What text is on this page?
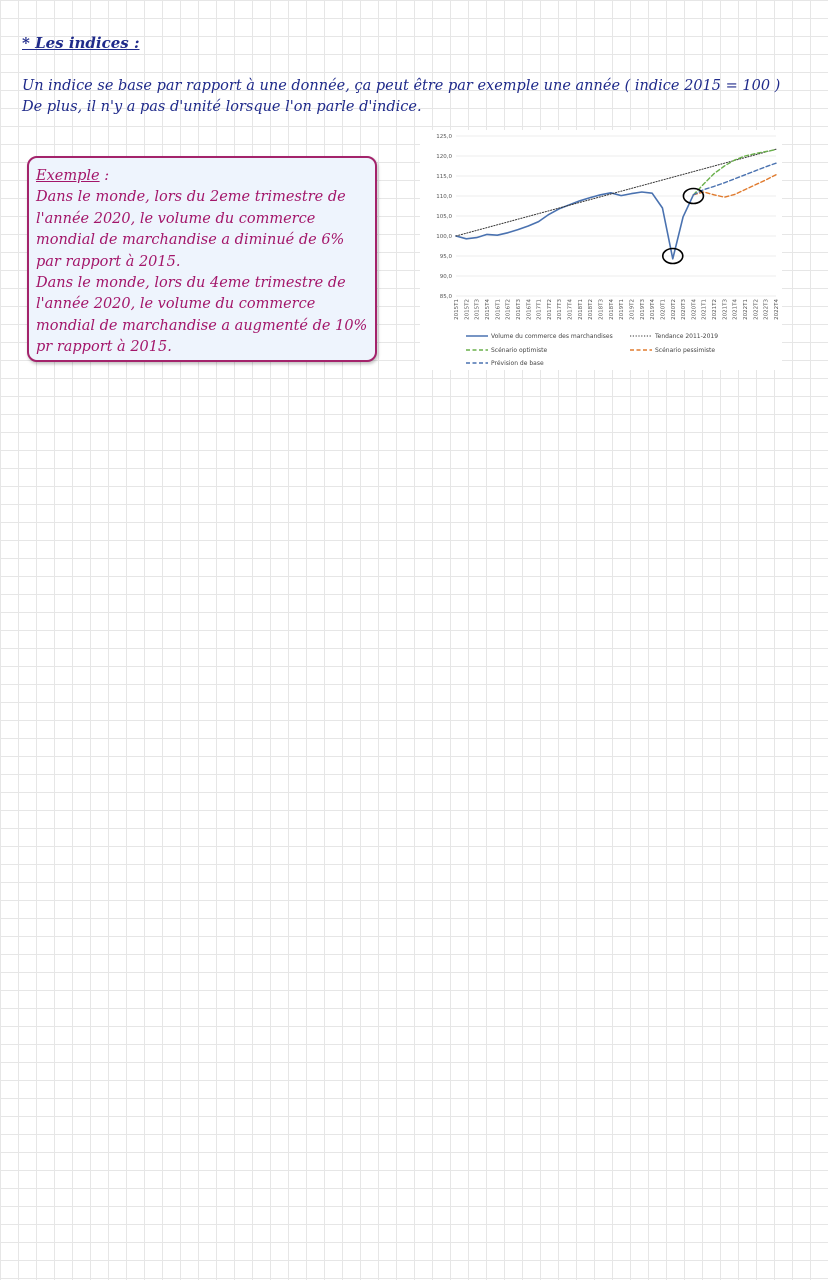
* Les indices :

Un indice se base par rapport à une donnée, ça peut être par exemple une année ( indice 2015 = 100 )
De plus, il n'y a pas d'unité lorsque l'on parle d'indice.

Exemple :
Dans le monde, lors du 2eme trimestre de
l'année 2020, le volume du commerce
mondial de marchandise a diminué de 6%
par rapport à 2015.
Dans le monde, lors du 4eme trimestre de
l'année 2020, le volume du commerce
mondial de marchandise a augmenté de 10%
pr rapport à 2015.
85,0
90,0
95,0
100,0
105,0
110,0
115,0
120,0
125,0
2015T1 2015T2 2015T3 2015T4 2016T1 2016T2 2016T3 2016T4 2017T1 2017T2 2017T3 2017T4 2018T1 2018T2 2018T3 2018T4 2019T1 2019T2 2019T3 2019T4 2020T1 2020T2 2020T3 2020T4 2021T1 2021T2 2021T3 2021T4 2022T1 2022T2 2022T3 2022T4
Volume du commerce des marchandises	Tendance 2011-2019
Scénario optimiste	Scénario pessimiste
Prévision de base
